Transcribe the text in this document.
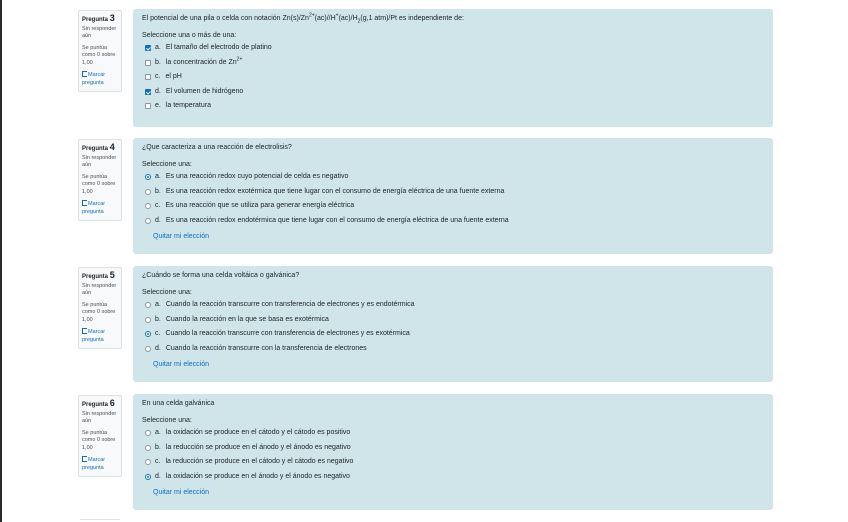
Pregunta 3
Sin responder aún
Se puntúa como 0 sobre 1,00
Marcar pregunta
El potencial de una pila o celda con notación $Zn(s)/Zn^{2+}(ac)//H^+(ac)/H_2(g,1$ atm)/Pt es independiente de:
Seleccione una o más de una:
a. El tamaño del electrodo de platino
b. la concentración de $Zn^{2+}$
c. el pH
d. El volumen de hidrógeno
e. la temperatura
Pregunta 4
Sin responder aún
Se puntúa como 0 sobre 1,00
Marcar pregunta
¿Que caracteriza a una reacción de electrolisis?
Seleccione una:
a. Es una reacción redox cuyo potencial de celda es negativo
b. Es una reacción redox exotérmica que tiene lugar con el consumo de energía eléctrica de una fuente externa
c. Es una reacción que se utiliza para generar energía eléctrica
d. Es una reacción redox endotérmica que tiene lugar con el consumo de energía eléctrica de una fuente externa
Quitar mi elección
Pregunta 5
Sin responder aún
Se puntúa como 0 sobre 1,00
Marcar pregunta
¿Cuándo se forma una celda voltáica o galvánica?
Seleccione una:
a. Cuando la reacción transcurre con transferencia de electrones y es endotérmica
b. Cuando la reacción en la que se basa es exotérmica
c. Cuando la reacción transcurre con transferencia de electrones y es exotérmica
d. Cuando la reacción transcurre con la transferencia de electrones
Quitar mi elección
Pregunta 6
Sin responder aún
Se puntúa como 0 sobre 1,00
Marcar pregunta
En una celda galvánica
Seleccione una:
a. la oxidación se produce en el cátodo y el cátodo es positivo
b. la reducción se produce en el ánodo y el ánodo es negativo
c. la reducción se produce en el cátodo y el cátodo es negativo
d. la oxidación se produce en el ánodo y el ánodo es negativo
Quitar mi elección
